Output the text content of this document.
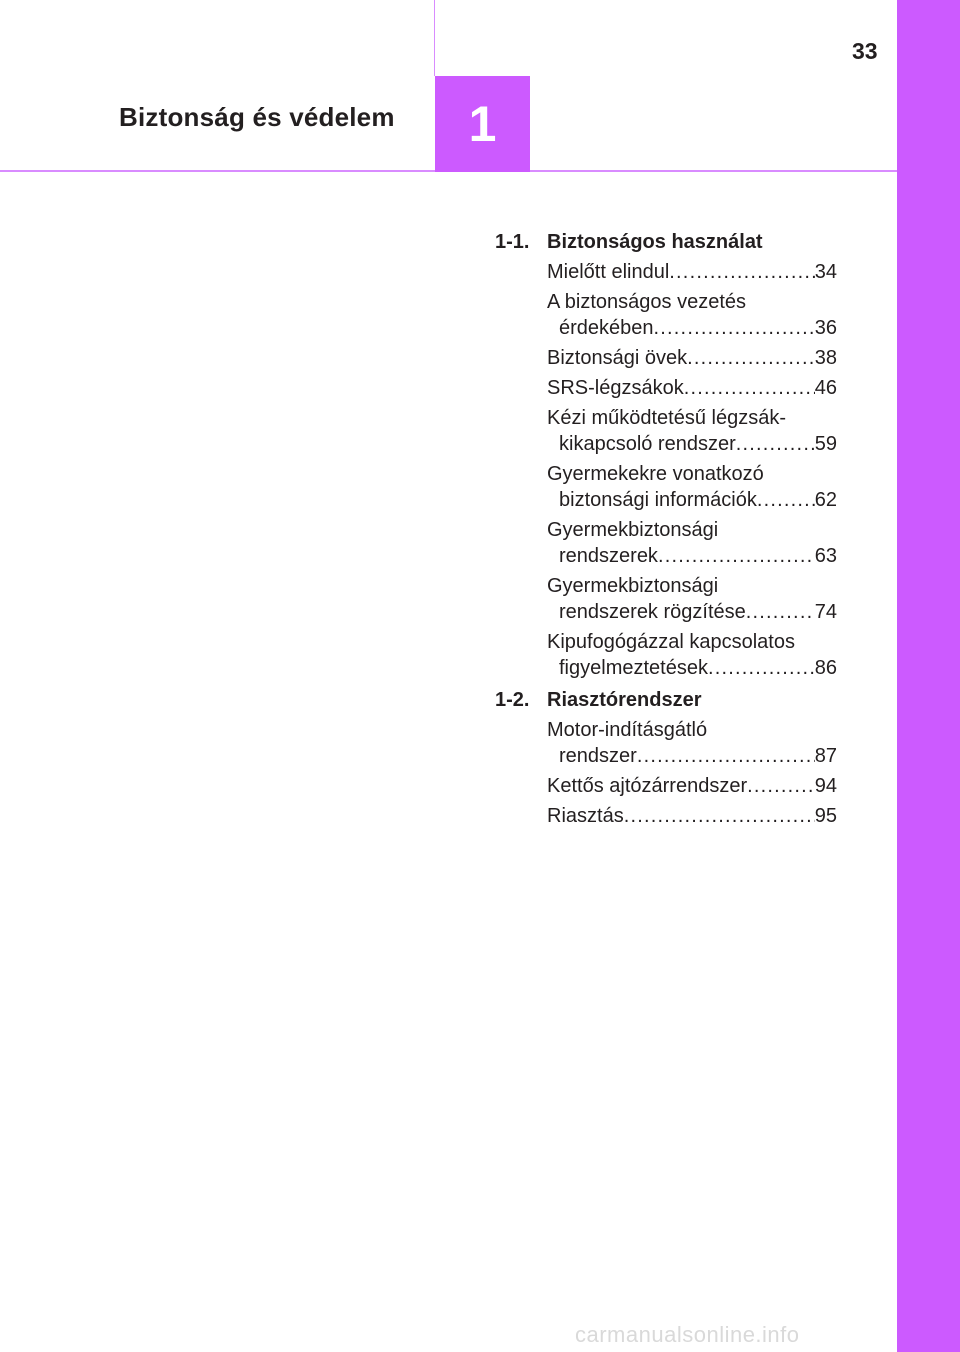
1
Biztonság és védelem
33
1-1. Biztonságos használat
Mielőtt elindul .....	34
A biztonságos vezetés
érdekében .....	36
Biztonsági övek .....	38
SRS-légzsákok .....	46
Kézi működtetésű légzsák-
kikapcsoló rendszer .....	59
Gyermekekre vonatkozó
biztonsági információk .....	62
Gyermekbiztonsági
rendszerek .....	63
Gyermekbiztonsági
rendszerek rögzítése .....	74
Kipufogógázzal kapcsolatos
figyelmeztetések .....	86
1-2. Riasztórendszer
Motor-indításgátló
rendszer .....	87
Kettős ajtózárrendszer .....	94
Riasztás .....	95
carmanualsonline.info
